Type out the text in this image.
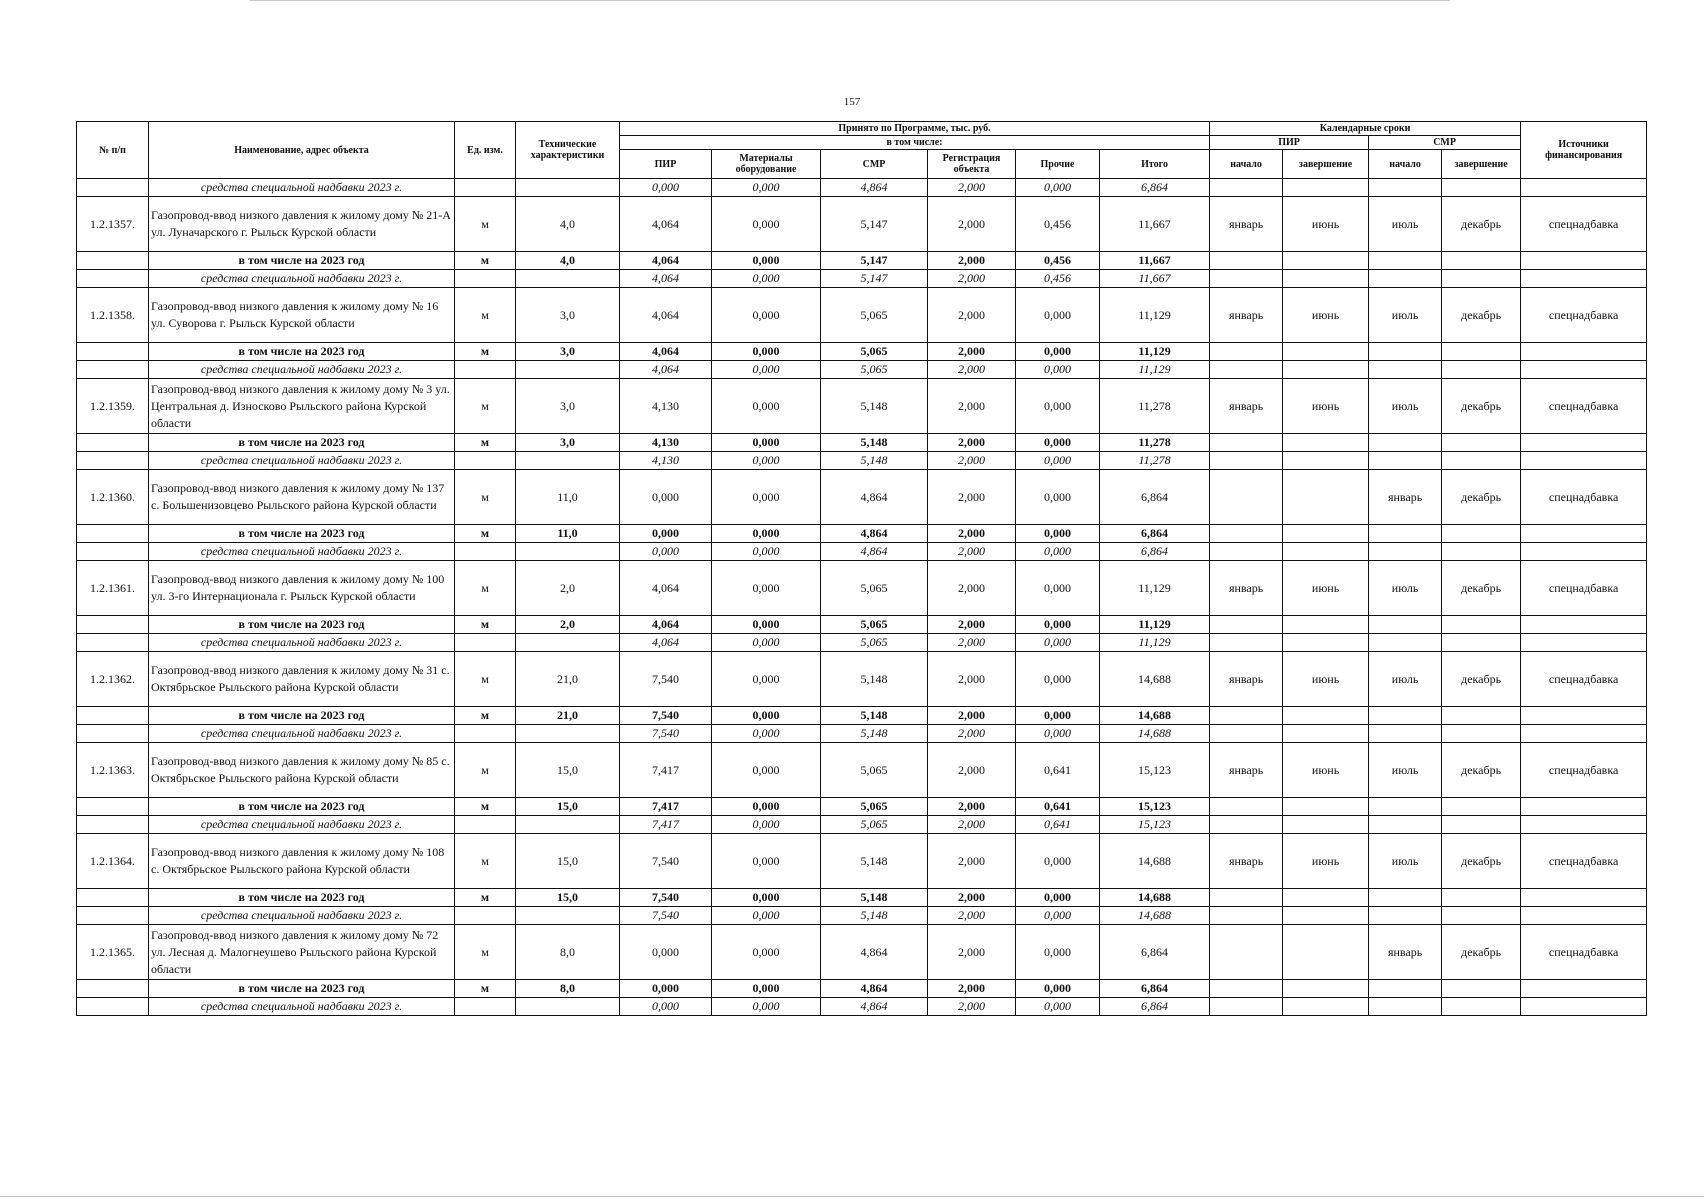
157
№ п/п	Наименование, адрес объекта	Ед. изм.	Технические характеристики	Принято по Программе, тыс. руб.						Календарные сроки				Источники финансирования
				в том числе:						ПИР		СМР		
				ПИР	Материалы оборудование	СМР	Регистрация объекта	Прочие	Итого	начало	завершение	начало	завершение	
	средства специальной надбавки 2023 г.			0,000	0,000	4,864	2,000	0,000	6,864					
1.2.1357.	Газопровод-ввод низкого давления к жилому дому № 21-А ул. Луначарского г. Рыльск Курской области	м	4,0	4,064	0,000	5,147	2,000	0,456	11,667	январь	июнь	июль	декабрь	спецнадбавка
	в том числе на 2023 год	м	4,0	4,064	0,000	5,147	2,000	0,456	11,667					
	средства специальной надбавки 2023 г.			4,064	0,000	5,147	2,000	0,456	11,667					
1.2.1358.	Газопровод-ввод низкого давления к жилому дому № 16 ул. Суворова г. Рыльск Курской области	м	3,0	4,064	0,000	5,065	2,000	0,000	11,129	январь	июнь	июль	декабрь	спецнадбавка
	в том числе на 2023 год	м	3,0	4,064	0,000	5,065	2,000	0,000	11,129					
	средства специальной надбавки 2023 г.			4,064	0,000	5,065	2,000	0,000	11,129					
1.2.1359.	Газопровод-ввод низкого давления к жилому дому № 3 ул. Центральная д. Износково Рыльского района Курской области	м	3,0	4,130	0,000	5,148	2,000	0,000	11,278	январь	июнь	июль	декабрь	спецнадбавка
	в том числе на 2023 год	м	3,0	4,130	0,000	5,148	2,000	0,000	11,278					
	средства специальной надбавки 2023 г.			4,130	0,000	5,148	2,000	0,000	11,278					
1.2.1360.	Газопровод-ввод низкого давления к жилому дому № 137 с. Большенизовцево Рыльского района Курской области	м	11,0	0,000	0,000	4,864	2,000	0,000	6,864			январь	декабрь	спецнадбавка
	в том числе на 2023 год	м	11,0	0,000	0,000	4,864	2,000	0,000	6,864					
	средства специальной надбавки 2023 г.			0,000	0,000	4,864	2,000	0,000	6,864					
1.2.1361.	Газопровод-ввод низкого давления к жилому дому № 100 ул. 3-го Интернационала г. Рыльск Курской области	м	2,0	4,064	0,000	5,065	2,000	0,000	11,129	январь	июнь	июль	декабрь	спецнадбавка
	в том числе на 2023 год	м	2,0	4,064	0,000	5,065	2,000	0,000	11,129					
	средства специальной надбавки 2023 г.			4,064	0,000	5,065	2,000	0,000	11,129					
1.2.1362.	Газопровод-ввод низкого давления к жилому дому № 31 с. Октябрьское Рыльского района Курской области	м	21,0	7,540	0,000	5,148	2,000	0,000	14,688	январь	июнь	июль	декабрь	спецнадбавка
	в том числе на 2023 год	м	21,0	7,540	0,000	5,148	2,000	0,000	14,688					
	средства специальной надбавки 2023 г.			7,540	0,000	5,148	2,000	0,000	14,688					
1.2.1363.	Газопровод-ввод низкого давления к жилому дому № 85 с. Октябрьское Рыльского района Курской области	м	15,0	7,417	0,000	5,065	2,000	0,641	15,123	январь	июнь	июль	декабрь	спецнадбавка
	в том числе на 2023 год	м	15,0	7,417	0,000	5,065	2,000	0,641	15,123					
	средства специальной надбавки 2023 г.			7,417	0,000	5,065	2,000	0,641	15,123					
1.2.1364.	Газопровод-ввод низкого давления к жилому дому № 108 с. Октябрьское Рыльского района Курской области	м	15,0	7,540	0,000	5,148	2,000	0,000	14,688	январь	июнь	июль	декабрь	спецнадбавка
	в том числе на 2023 год	м	15,0	7,540	0,000	5,148	2,000	0,000	14,688					
	средства специальной надбавки 2023 г.			7,540	0,000	5,148	2,000	0,000	14,688					
1.2.1365.	Газопровод-ввод низкого давления к жилому дому № 72 ул. Лесная д. Малогнеушево Рыльского района Курской области	м	8,0	0,000	0,000	4,864	2,000	0,000	6,864			январь	декабрь	спецнадбавка
	в том числе на 2023 год	м	8,0	0,000	0,000	4,864	2,000	0,000	6,864					
	средства специальной надбавки 2023 г.			0,000	0,000	4,864	2,000	0,000	6,864					
